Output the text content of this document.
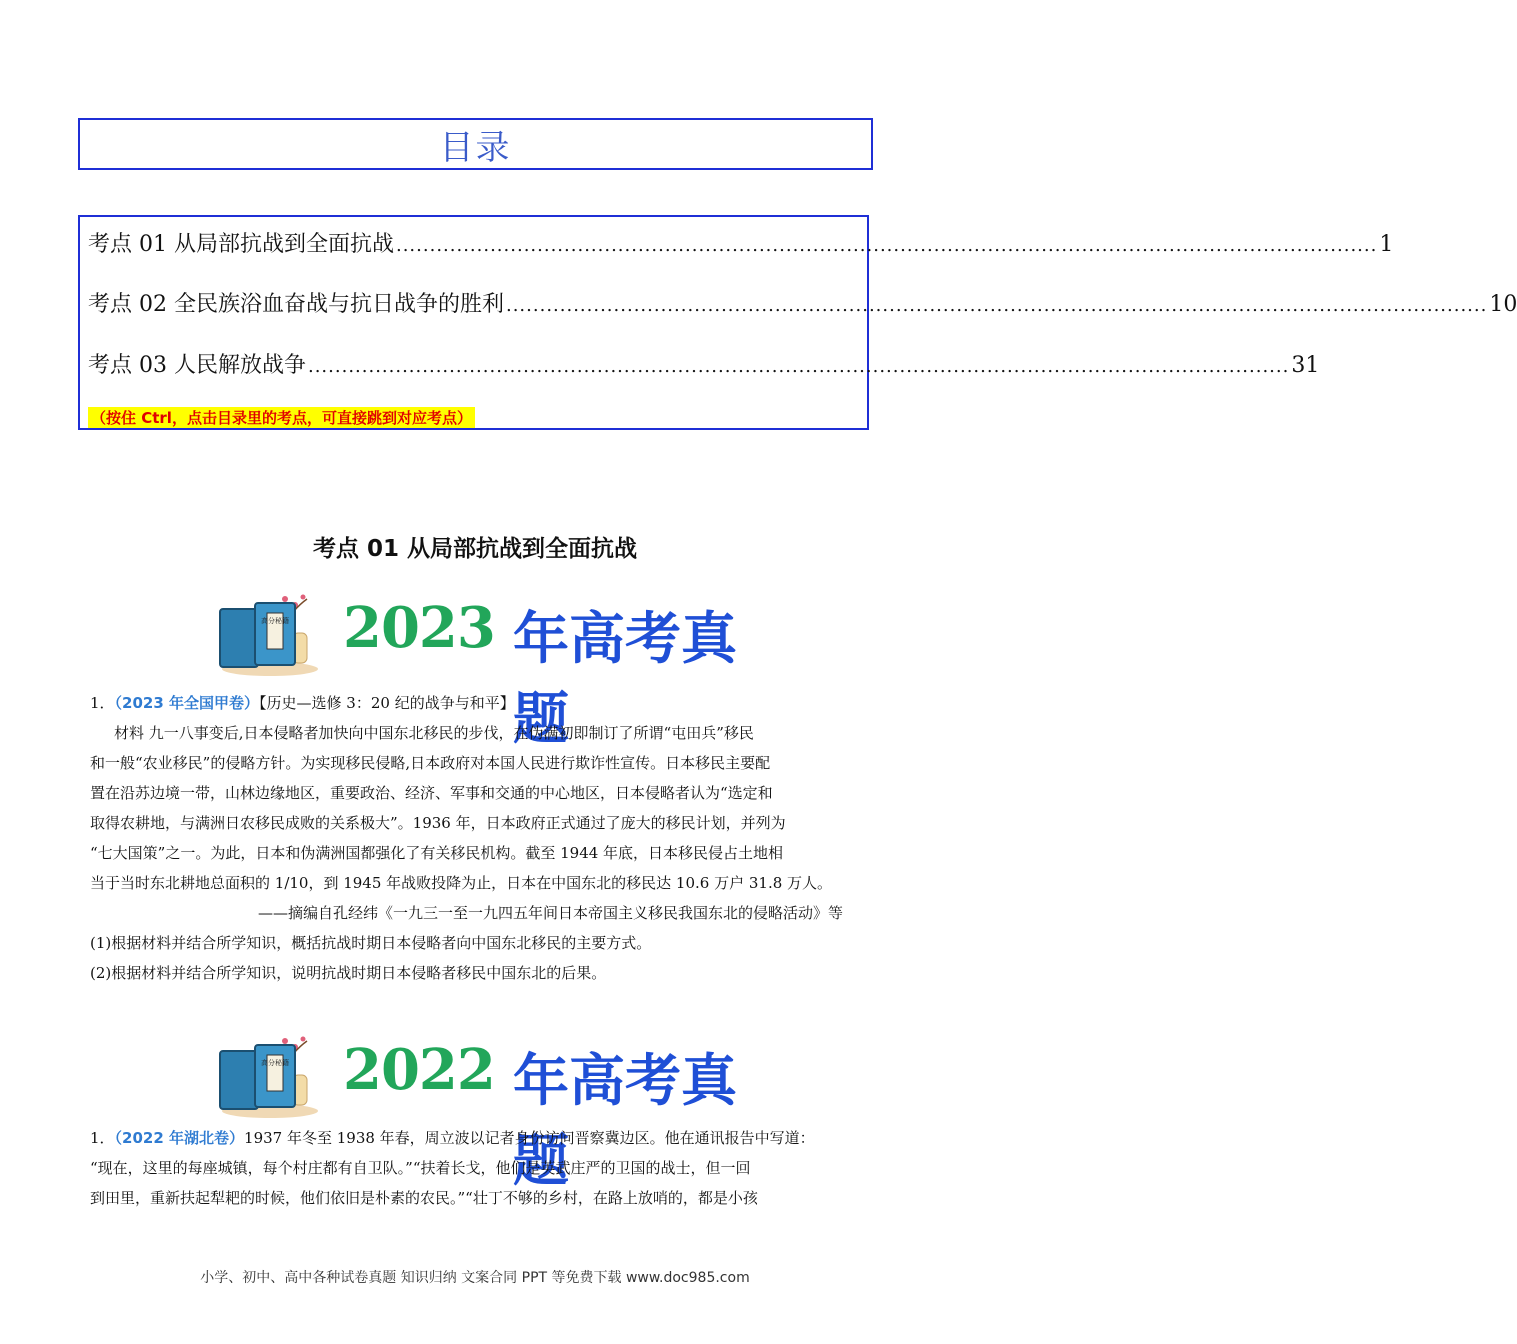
目录
考点 01 从局部抗战到全面抗战 .................................................................................................................................................. 1
考点 02 全民族浴血奋战与抗日战争的胜利 .................................................................................................................................................. 10
考点 03 人民解放战争 .................................................................................................................................................. 31
（按住 Ctrl，点击目录里的考点，可直接跳到对应考点）
考点 01 从局部抗战到全面抗战
高分秘籍 2023 年高考真题
1．（2023 年全国甲卷）【历史—选修 3：20 纪的战争与和平】
材料 九一八事变后,日本侵略者加快向中国东北移民的步伐，在伪满初即制订了所谓“屯田兵”移民
和一般“农业移民”的侵略方针。为实现移民侵略,日本政府对本国人民进行欺诈性宣传。日本移民主要配
置在沿苏边境一带，山林边缘地区，重要政治、经济、军事和交通的中心地区，日本侵略者认为“选定和
取得农耕地，与满洲日农移民成败的关系极大”。1936 年，日本政府正式通过了庞大的移民计划，并列为
“七大国策”之一。为此，日本和伪满洲国都强化了有关移民机构。截至 1944 年底，日本移民侵占土地相
当于当时东北耕地总面积的 1/10，到 1945 年战败投降为止，日本在中国东北的移民达 10.6 万户 31.8 万人。
——摘编自孔经纬《一九三一至一九四五年间日本帝国主义移民我国东北的侵略活动》等
(1)根据材料并结合所学知识，概括抗战时期日本侵略者向中国东北移民的主要方式。
(2)根据材料并结合所学知识，说明抗战时期日本侵略者移民中国东北的后果。
高分秘籍 2022 年高考真题
1．（2022 年湖北卷）1937 年冬至 1938 年春，周立波以记者身份访问晋察冀边区。他在通讯报告中写道：
“现在，这里的每座城镇，每个村庄都有自卫队。”“扶着长戈，他们是英武庄严的卫国的战士，但一回
到田里，重新扶起犁耙的时候，他们依旧是朴素的农民。”“壮丁不够的乡村，在路上放哨的，都是小孩
小学、初中、高中各种试卷真题 知识归纳 文案合同 PPT 等免费下载 www.doc985.com
